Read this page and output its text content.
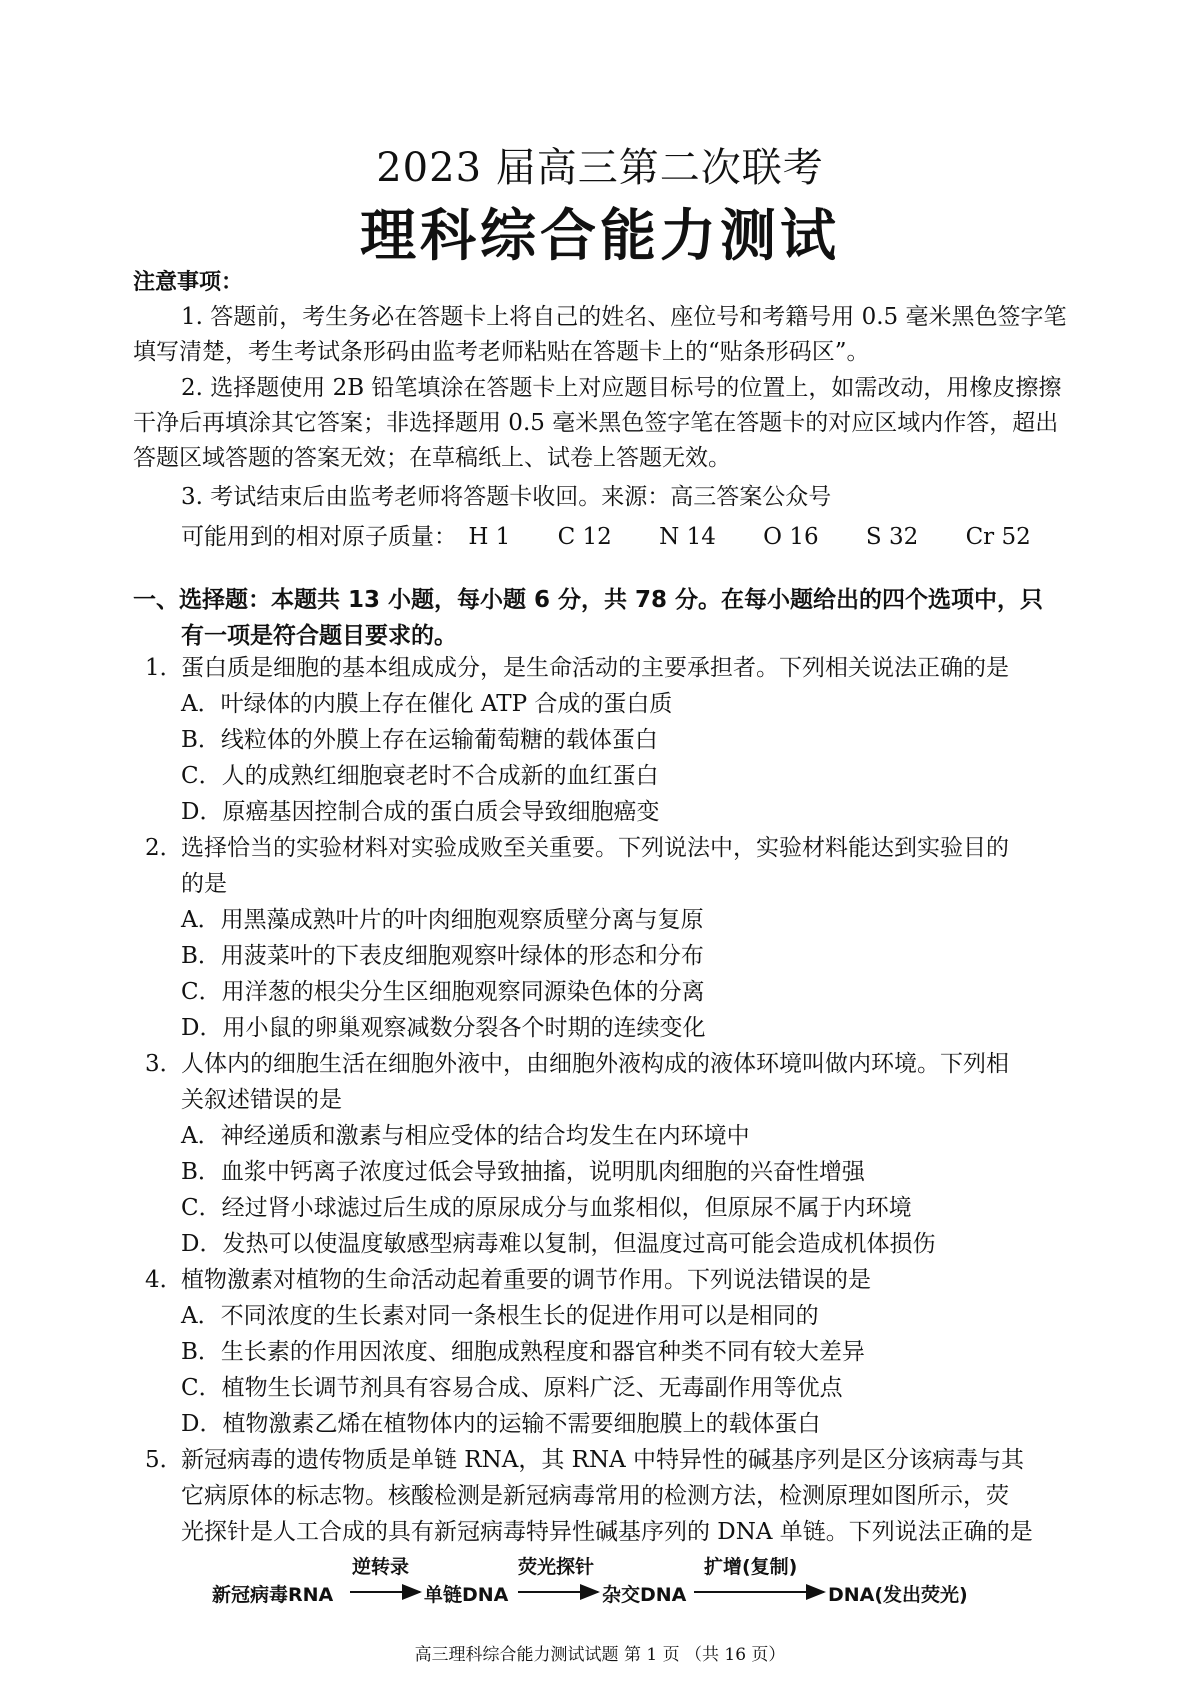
2023 届高三第二次联考
理科综合能力测试
注意事项：
1. 答题前，考生务必在答题卡上将自己的姓名、座位号和考籍号用 0.5 毫米黑色签字笔填写清楚，考生考试条形码由监考老师粘贴在答题卡上的“贴条形码区”。
2. 选择题使用 2B 铅笔填涂在答题卡上对应题目标号的位置上，如需改动，用橡皮擦擦干净后再填涂其它答案；非选择题用 0.5 毫米黑色签字笔在答题卡的对应区域内作答，超出答题区域答题的答案无效；在草稿纸上、试卷上答题无效。
3. 考试结束后由监考老师将答题卡收回。来源：高三答案公众号
可能用到的相对原子质量： H 1 C 12 N 14 O 16 S 32 Cr 52
一、选择题：本题共 13 小题，每小题 6 分，共 78 分。在每小题给出的四个选项中，只
有一项是符合题目要求的。
1．
蛋白质是细胞的基本组成成分，是生命活动的主要承担者。下列相关说法正确的是
A．叶绿体的内膜上存在催化 ATP 合成的蛋白质
B．线粒体的外膜上存在运输葡萄糖的载体蛋白
C．人的成熟红细胞衰老时不合成新的血红蛋白
D．原癌基因控制合成的蛋白质会导致细胞癌变
2．
选择恰当的实验材料对实验成败至关重要。下列说法中，实验材料能达到实验目的
的是
A．用黑藻成熟叶片的叶肉细胞观察质壁分离与复原
B．用菠菜叶的下表皮细胞观察叶绿体的形态和分布
C．用洋葱的根尖分生区细胞观察同源染色体的分离
D．用小鼠的卵巢观察减数分裂各个时期的连续变化
3．
人体内的细胞生活在细胞外液中，由细胞外液构成的液体环境叫做内环境。下列相
关叙述错误的是
A．神经递质和激素与相应受体的结合均发生在内环境中
B．血浆中钙离子浓度过低会导致抽搐，说明肌肉细胞的兴奋性增强
C．经过肾小球滤过后生成的原尿成分与血浆相似，但原尿不属于内环境
D．发热可以使温度敏感型病毒难以复制，但温度过高可能会造成机体损伤
4．
植物激素对植物的生命活动起着重要的调节作用。下列说法错误的是
A．不同浓度的生长素对同一条根生长的促进作用可以是相同的
B．生长素的作用因浓度、细胞成熟程度和器官种类不同有较大差异
C．植物生长调节剂具有容易合成、原料广泛、无毒副作用等优点
D．植物激素乙烯在植物体内的运输不需要细胞膜上的载体蛋白
5．
新冠病毒的遗传物质是单链 RNA，其 RNA 中特异性的碱基序列是区分该病毒与其
它病原体的标志物。核酸检测是新冠病毒常用的检测方法，检测原理如图所示，荧
光探针是人工合成的具有新冠病毒特异性碱基序列的 DNA 单链。下列说法正确的是
新冠病毒RNA
逆转录
单链DNA
荧光探针
杂交DNA
扩增(复制)
DNA(发出荧光)
高三理科综合能力测试试题 第 1 页 （共 16 页）
